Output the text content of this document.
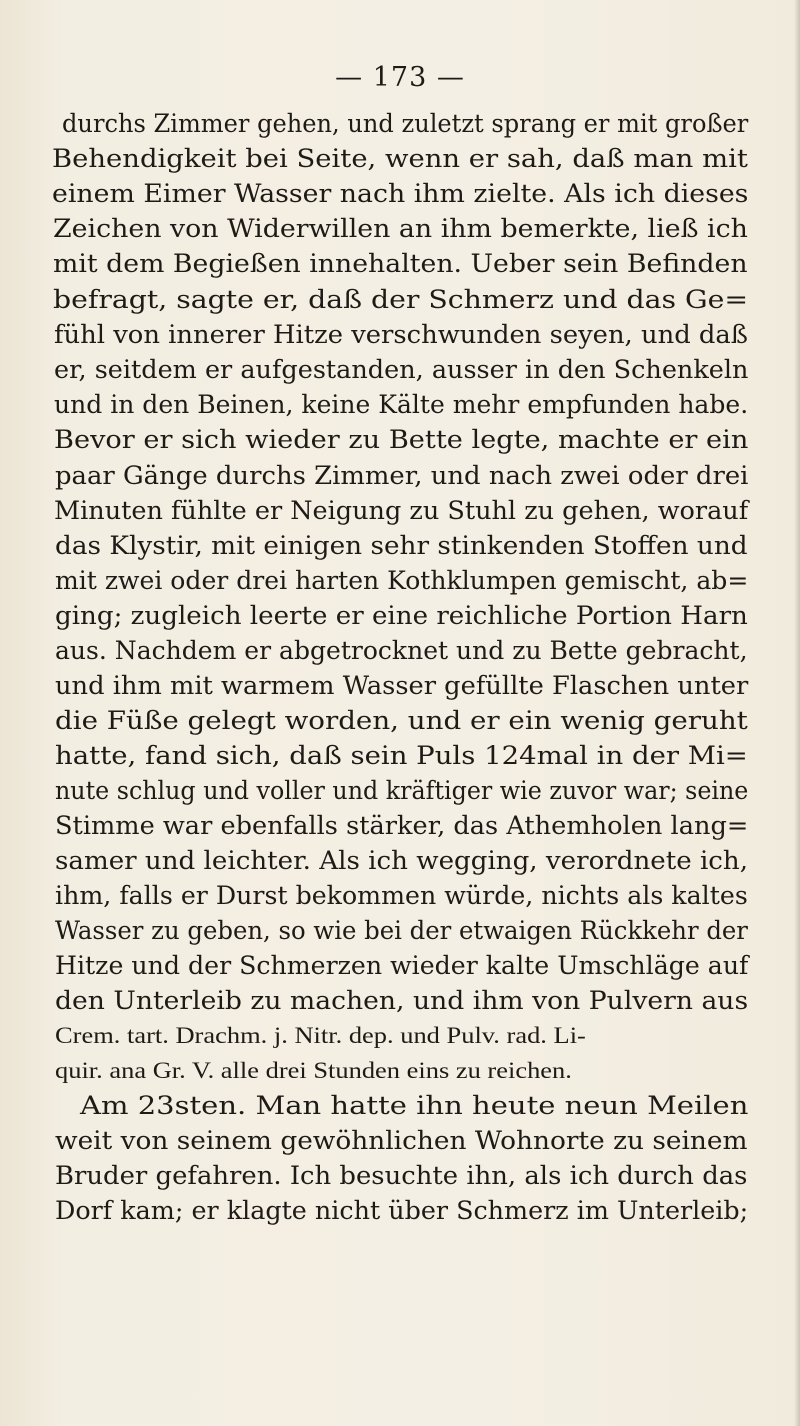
— 173 —
durchs Zimmer gehen, und zuletzt sprang er mit großer
Behendigkeit bei Seite, wenn er sah, daß man mit
einem Eimer Wasser nach ihm zielte. Als ich dieses
Zeichen von Widerwillen an ihm bemerkte, ließ ich
mit dem Begießen innehalten. Ueber sein Befinden
befragt, sagte er, daß der Schmerz und das Ge=
fühl von innerer Hitze verschwunden seyen, und daß
er, seitdem er aufgestanden, ausser in den Schenkeln
und in den Beinen, keine Kälte mehr empfunden habe.
Bevor er sich wieder zu Bette legte, machte er ein
paar Gänge durchs Zimmer, und nach zwei oder drei
Minuten fühlte er Neigung zu Stuhl zu gehen, worauf
das Klystir, mit einigen sehr stinkenden Stoffen und
mit zwei oder drei harten Kothklumpen gemischt, ab=
ging; zugleich leerte er eine reichliche Portion Harn
aus. Nachdem er abgetrocknet und zu Bette gebracht,
und ihm mit warmem Wasser gefüllte Flaschen unter
die Füße gelegt worden, und er ein wenig geruht
hatte, fand sich, daß sein Puls 124mal in der Mi=
nute schlug und voller und kräftiger wie zuvor war; seine
Stimme war ebenfalls stärker, das Athemholen lang=
samer und leichter. Als ich wegging, verordnete ich,
ihm, falls er Durst bekommen würde, nichts als kaltes
Wasser zu geben, so wie bei der etwaigen Rückkehr der
Hitze und der Schmerzen wieder kalte Umschläge auf
den Unterleib zu machen, und ihm von Pulvern aus
Crem. tart. Drachm. j. Nitr. dep. und Pulv. rad. Li-
quir. ana Gr. V. alle drei Stunden eins zu reichen.
Am 23sten. Man hatte ihn heute neun Meilen
weit von seinem gewöhnlichen Wohnorte zu seinem
Bruder gefahren. Ich besuchte ihn, als ich durch das
Dorf kam; er klagte nicht über Schmerz im Unterleib;
